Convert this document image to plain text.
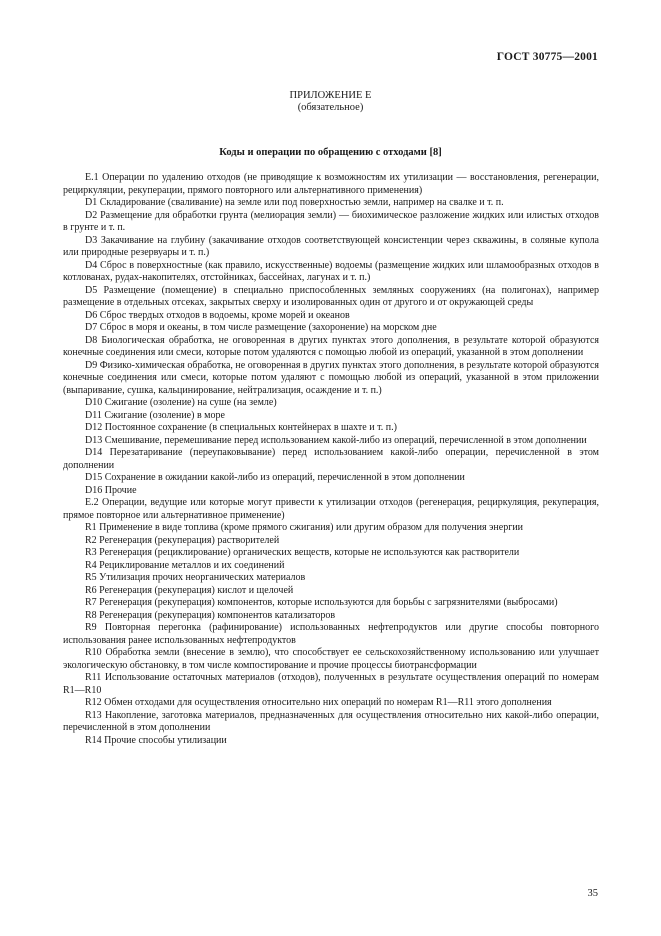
ГОСТ 30775—2001
ПРИЛОЖЕНИЕ Е
(обязательное)
Коды и операции по обращению с отходами [8]

Е.1 Операции по удалению отходов (не приводящие к возможностям их утилизации — восстановления, регенерации, рециркуляции, рекуперации, прямого повторного или альтернативного применения)

D1 Складирование (сваливание) на земле или под поверхностью земли, например на свалке и т. п.

D2 Размещение для обработки грунта (мелиорация земли) — биохимическое разложение жидких или илистых отходов в грунте и т. п.

D3 Закачивание на глубину (закачивание отходов соответствующей консистенции через скважины, в соляные купола или природные резервуары и т. п.)

D4 Сброс в поверхностные (как правило, искусственные) водоемы (размещение жидких или шламообразных отходов в котлованах, рудах-накопителях, отстойниках, бассейнах, лагунах и т. п.)

D5 Размещение (помещение) в специально приспособленных земляных сооружениях (на полигонах), например размещение в отдельных отсеках, закрытых сверху и изолированных один от другого и от окружающей среды

D6 Сброс твердых отходов в водоемы, кроме морей и океанов

D7 Сброс в моря и океаны, в том числе размещение (захоронение) на морском дне

D8 Биологическая обработка, не оговоренная в других пунктах этого дополнения, в результате которой образуются конечные соединения или смеси, которые потом удаляются с помощью любой из операций, указанной в этом дополнении

D9 Физико-химическая обработка, не оговоренная в других пунктах этого дополнения, в результате которой образуются конечные соединения или смеси, которые потом удаляют с помощью любой из операций, указанной в этом приложении (выпаривание, сушка, кальцинирование, нейтрализация, осаждение и т. п.)

D10 Сжигание (озоление) на суше (на земле)

D11 Сжигание (озоление) в море

D12 Постоянное сохранение (в специальных контейнерах в шахте и т. п.)

D13 Смешивание, перемешивание перед использованием какой-либо из операций, перечисленной в этом дополнении

D14 Перезатаривание (переупаковывание) перед использованием какой-либо операции, перечисленной в этом дополнении

D15 Сохранение в ожидании какой-либо из операций, перечисленной в этом дополнении

D16 Прочие

Е.2 Операции, ведущие или которые могут привести к утилизации отходов (регенерация, рециркуляция, рекуперация, прямое повторное или альтернативное применение)

R1 Применение в виде топлива (кроме прямого сжигания) или другим образом для получения энергии

R2 Регенерация (рекуперация) растворителей

R3 Регенерация (рециклирование) органических веществ, которые не используются как растворители

R4 Рециклирование металлов и их соединений

R5 Утилизация прочих неорганических материалов

R6 Регенерация (рекуперация) кислот и щелочей

R7 Регенерация (рекуперация) компонентов, которые используются для борьбы с загрязнителями (выбросами)

R8 Регенерация (рекуперация) компонентов катализаторов

R9 Повторная перегонка (рафинирование) использованных нефтепродуктов или другие способы повторного использования ранее использованных нефтепродуктов

R10 Обработка земли (внесение в землю), что способствует ее сельскохозяйственному использованию или улучшает экологическую обстановку, в том числе компостирование и прочие процессы биотрансформации

R11 Использование остаточных материалов (отходов), полученных в результате осуществления операций по номерам R1—R10

R12 Обмен отходами для осуществления относительно них операций по номерам R1—R11 этого дополнения

R13 Накопление, заготовка материалов, предназначенных для осуществления относительно них какой-либо операции, перечисленной в этом дополнении

R14 Прочие способы утилизации

35
